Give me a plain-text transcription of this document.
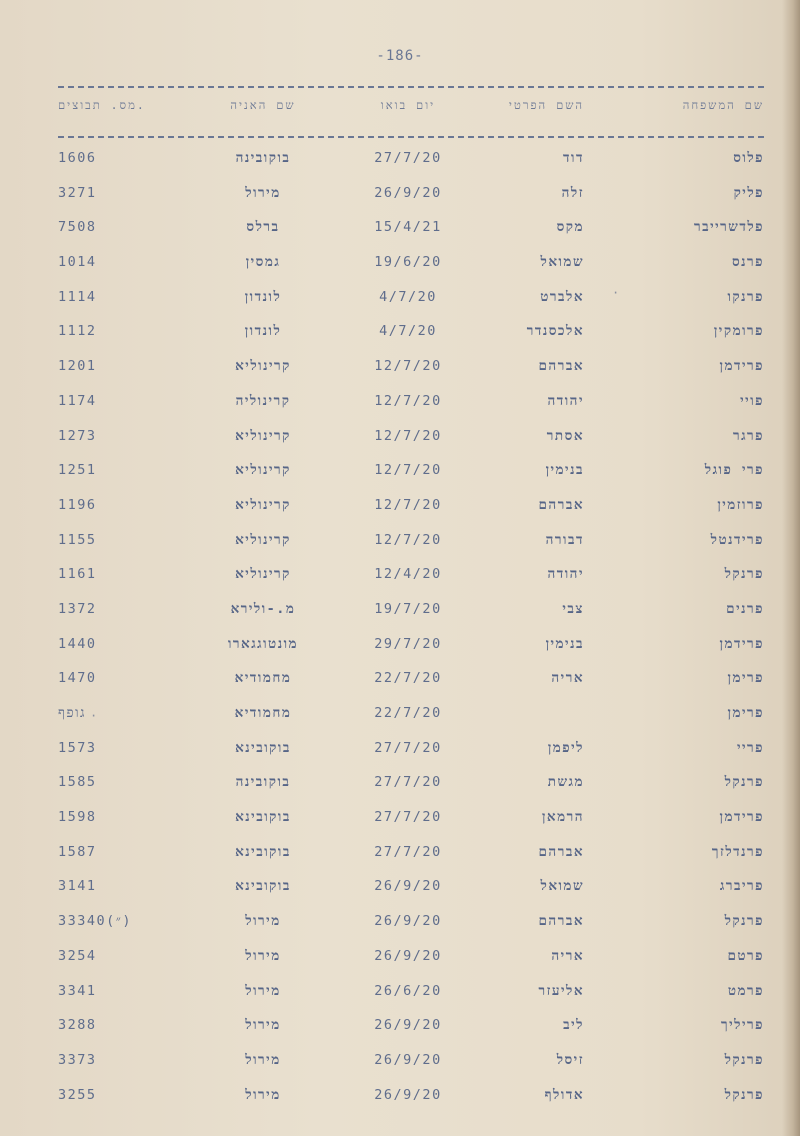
-186-
שם המשפחה
השם הפרטי
יום בואו
שם האניה
מס. תבוצים.
פלוס
דוד
27/7/20
בוקובינה
1606
פליק
זלה
26/9/20
מירול
3271
פלדשרייבר
מקס
15/4/21
ברלס
7508
פרנס
שמואל
19/6/20
גמסין
1014
פרנקו
אלברט
4/7/20
לונדון
1114
פרומקין
אלכסנדר
4/7/20
לונדון
1112
פרידמן
אברהם
12/7/20
קרינוליא
1201
פויי
יהודה
12/7/20
קרינוליה
1174
פרגר
אסתר
12/7/20
קרינוליא
1273
פרי פוגל
בנימין
12/7/20
קרינוליא
1251
פרוזמין
אברהם
12/7/20
קרינוליא
1196
פרידנטל
דבורה
12/7/20
קרינוליא
1155
פרנקל
יהודה
12/4/20
קרינוליא
1161
פרנים
צבי
19/7/20
מ.-ולירא
1372
פרידמן
בנימין
29/7/20
מונטוגגארו
1440
פרימן
אריה
22/7/20
מחמודיא
1470
פרימן
22/7/20
מחמודיא
גופף
פריי
ליפמן
27/7/20
בוקובינא
1573
פרנקל
מגשת
27/7/20
בוקובינה
1585
פרידמן
הרמאן
27/7/20
בוקובינא
1598
פרנדלזך
אברהם
27/7/20
בוקובינא
1587
פריברג
שמואל
26/9/20
בוקובינא
3141
פרנקל
אברהם
26/9/20
מירול
33340(״)
פרטם
אריה
26/9/20
מירול
3254
פרמט
אליעזר
26/6/20
מירול
3341
פריליך
ליב
26/9/20
מירול
3288
פרנקל
זיסל
26/9/20
מירול
3373
פרנקל
אדולף
26/9/20
מירול
3255
·
·
